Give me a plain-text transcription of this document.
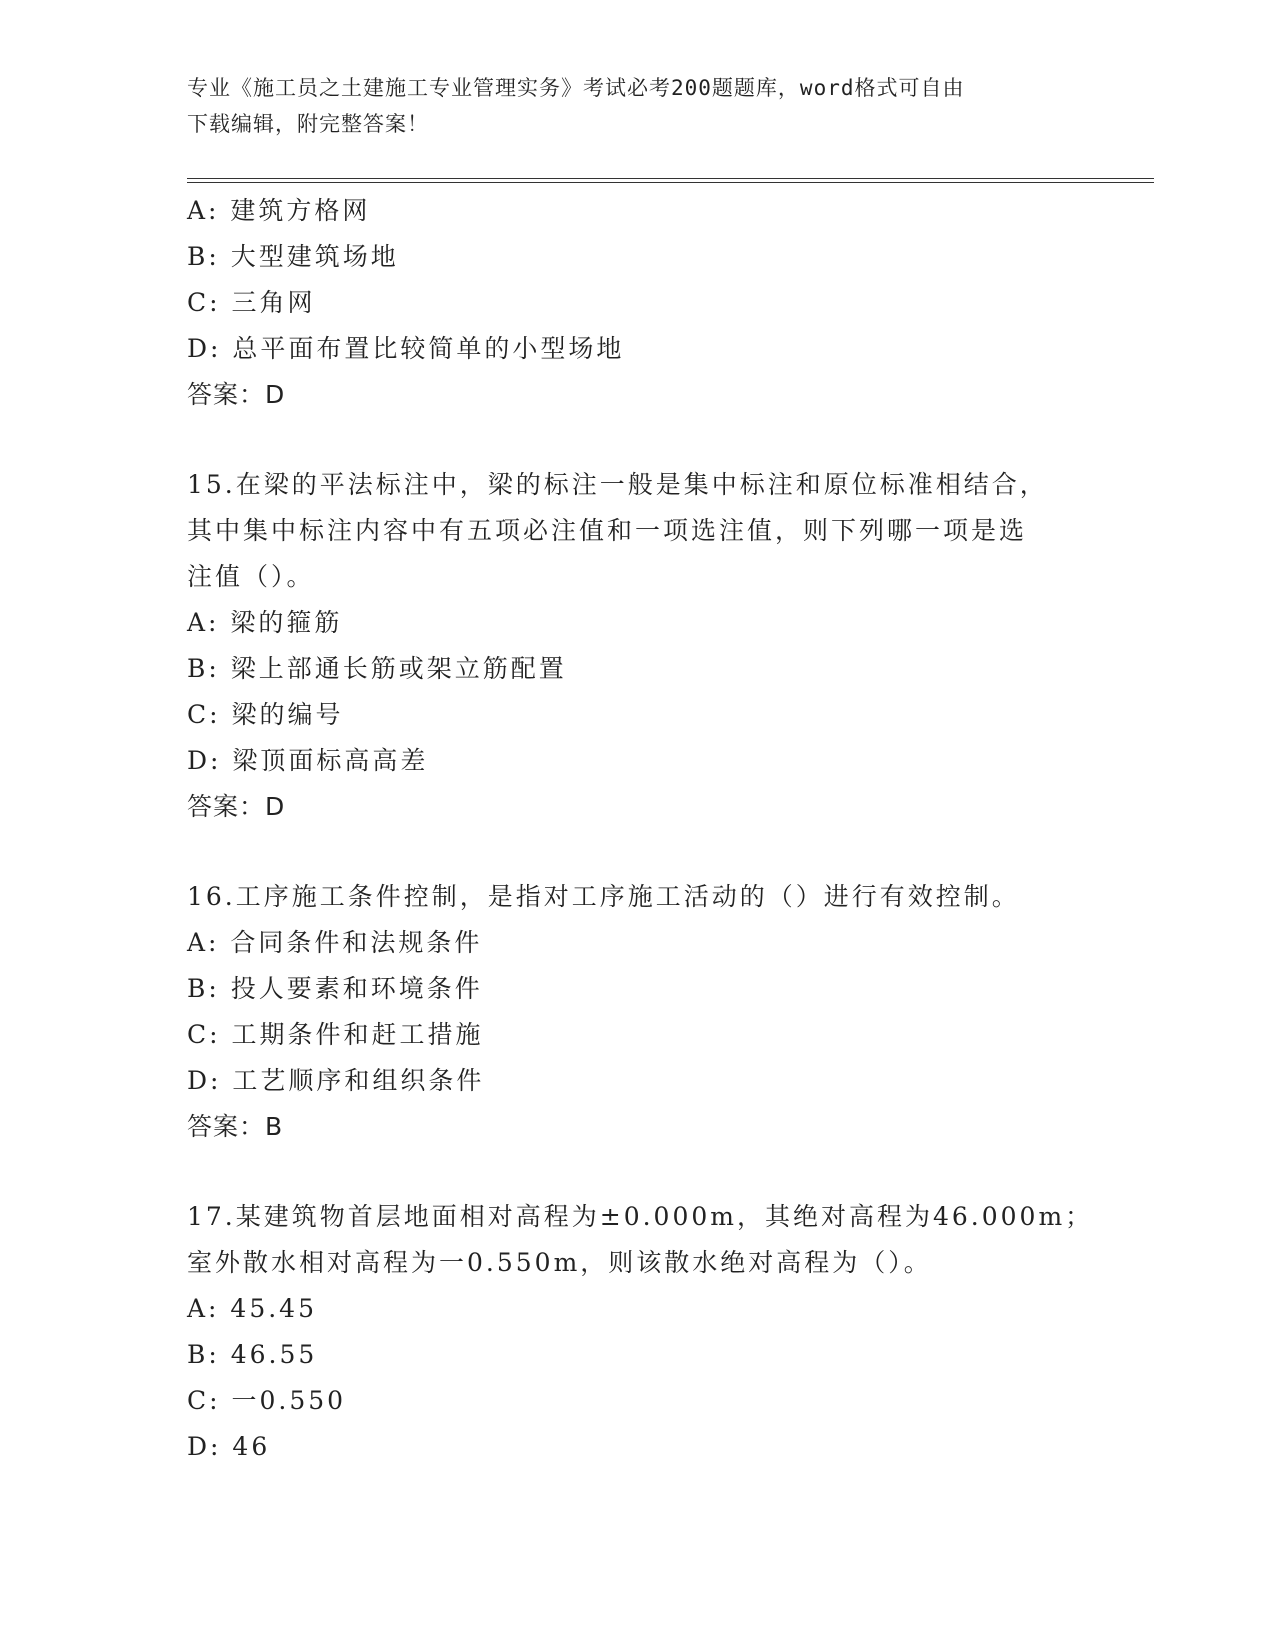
专业《施工员之土建施工专业管理实务》考试必考200题题库，word格式可自由
下载编辑，附完整答案！
A: 建筑方格网
B: 大型建筑场地
C: 三角网
D: 总平面布置比较简单的小型场地
答案：D
15.在梁的平法标注中，梁的标注一般是集中标注和原位标准相结合，
其中集中标注内容中有五项必注值和一项选注值，则下列哪一项是选
注值（）。
A: 梁的箍筋
B: 梁上部通长筋或架立筋配置
C: 梁的编号
D: 梁顶面标高高差
答案：D
16.工序施工条件控制，是指对工序施工活动的（）进行有效控制。
A: 合同条件和法规条件
B: 投人要素和环境条件
C: 工期条件和赶工措施
D: 工艺顺序和组织条件
答案：B
17.某建筑物首层地面相对高程为±0.000m，其绝对高程为46.000m；
室外散水相对高程为一0.550m，则该散水绝对高程为（）。
A: 45.45
B: 46.55
C: 一0.550
D: 46
